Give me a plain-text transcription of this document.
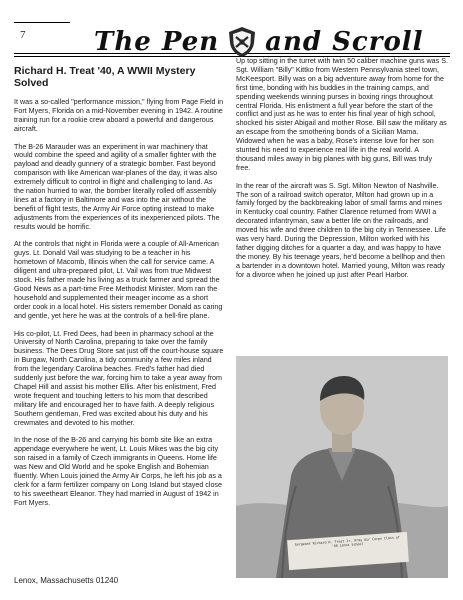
7	The Pen and Scroll
Richard H. Treat '40, A WWII Mystery Solved

It was a so-called "performance mission," flying from Page Field in Fort Myers, Florida on a mid-November evening in 1942. A routine training run for a rookie crew aboard a powerful and dangerous aircraft.

The B-26 Marauder was an experiment in war machinery that would combine the speed and agility of a smaller fighter with the payload and deadly gunnery of a strategic bomber. Fast beyond comparison with like American war-planes of the day, it was also extremely difficult to control in flight and challenging to land. As the nation hurried to war, the bomber literally rolled off assembly lines at a factory in Baltimore and was into the air without the benefit of flight tests, the Army Air Force opting instead to make adjustments from the experiences of its inexperienced pilots. The results would be horrific.

At the controls that night in Florida were a couple of All-American guys. Lt. Donald Vail was studying to be a teacher in his hometown of Macomb, Illinois when the call for service came. A diligent and ultra-prepared pilot, Lt. Vail was from true Midwest stock. His father made his living as a truck farmer and spread the Good News as a part-time Free Methodist Minister. Mom ran the household and supplemented their meager income as a short order cook in a local hotel. His sisters remember Donald as caring and gentle, yet here he was at the controls of a hell-fire plane.

His co-pilot, Lt. Fred Dees, had been in pharmacy school at the University of North Carolina, preparing to take over the family business. The Dees Drug Store sat just off the court-house square in Burgaw, North Carolina, a tidy community a few miles inland from the legendary Carolina beaches. Fred's father had died suddenly just before the war, forcing him to take a year away from Chapel Hill and assist his mother Ellis. After his enlistment, Fred wrote frequent and touching letters to his mom that described military life and encouraged her to have faith. A deeply religious Southern gentleman, Fred was excited about his duty and his crewmates and devoted to his mother.

In the nose of the B-26 and carrying his bomb site like an extra appendage everywhere he went, Lt. Louis Mikes was the big city son raised in a family of Czech immigrants in Queens. Home life was New and Old World and he spoke English and Bohemian fluently. When Louis joined the Army Air Corps, he left his job as a clerk for a farm fertilizer company on Long Island but stayed close to his sweetheart Eleanor. They had married in August of 1942 in Fort Myers.

Up top sitting in the turret with twin 50 caliber machine guns was S. Sgt. William "Billy" Kittko from Western Pennsylvania steel town, McKeesport. Billy was on a big adventure away from home for the first time, bonding with his buddies in the training camps, and spending weekends winning purses in boxing rings throughout central Florida. His enlistment a full year before the start of the conflict and just as he was to enter his final year of high school, shocked his sister Abigail and mother Rose. Bill saw the military as an escape from the smothering bonds of a Sicilian Mama. Widowed when he was a baby, Rose's intense love for her son stunted his need to experience real life in the real world. A thousand miles away in big planes with big guns, Bill was truly free.

In the rear of the aircraft was S. Sgt. Milton Newton of Nashville. The son of a railroad switch operator, Milton had grown up in a family forged by the backbreaking labor of small farms and mines in Kentucky coal country. Father Clarence returned from WWI a decorated infantryman, saw a better life on the railroads, and moved his wife and three children to the big city in Tennessee. Life was very hard. During the Depression, Milton worked with his father digging ditches for a quarter a day, and was happy to have the money. By his teenage years, he'd become a bellhop and then a bartender in a downtown hotel. Married young, Milton was ready for a divorce when he joined up just after Pearl Harbor.

Sergeant Richard H. Treat Jr. Army Air Corps Class of '40 Lenox School
Lenox, Massachusetts 01240
